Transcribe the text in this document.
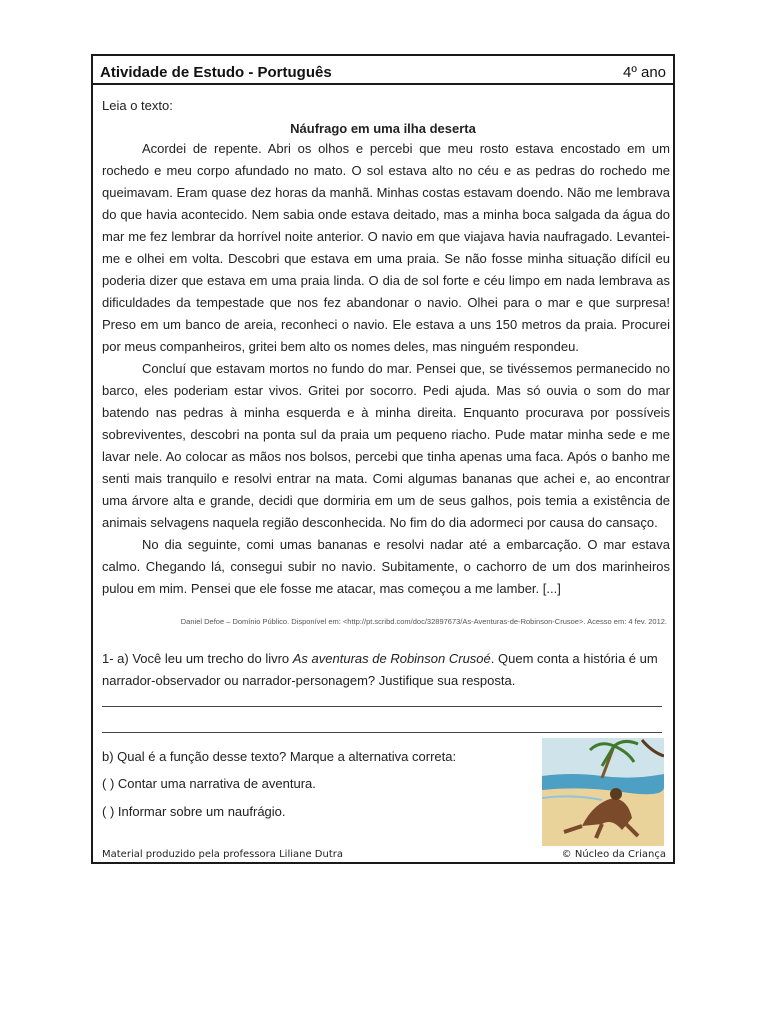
Atividade de Estudo - Português	4º ano
Leia o texto:
Náufrago em uma ilha deserta

Acordei de repente. Abri os olhos e percebi que meu rosto estava encostado em um rochedo e meu corpo afundado no mato. O sol estava alto no céu e as pedras do rochedo me queimavam. Eram quase dez horas da manhã. Minhas costas estavam doendo. Não me lembrava do que havia acontecido. Nem sabia onde estava deitado, mas a minha boca salgada da água do mar me fez lembrar da horrível noite anterior. O navio em que viajava havia naufragado. Levantei-me e olhei em volta. Descobri que estava em uma praia. Se não fosse minha situação difícil eu poderia dizer que estava em uma praia linda. O dia de sol forte e céu limpo em nada lembrava as dificuldades da tempestade que nos fez abandonar o navio. Olhei para o mar e que surpresa! Preso em um banco de areia, reconheci o navio. Ele estava a uns 150 metros da praia. Procurei por meus companheiros, gritei bem alto os nomes deles, mas ninguém respondeu.

Concluí que estavam mortos no fundo do mar. Pensei que, se tivéssemos permanecido no barco, eles poderiam estar vivos. Gritei por socorro. Pedi ajuda. Mas só ouvia o som do mar batendo nas pedras à minha esquerda e à minha direita. Enquanto procurava por possíveis sobreviventes, descobri na ponta sul da praia um pequeno riacho. Pude matar minha sede e me lavar nele. Ao colocar as mãos nos bolsos, percebi que tinha apenas uma faca. Após o banho me senti mais tranquilo e resolvi entrar na mata. Comi algumas bananas que achei e, ao encontrar uma árvore alta e grande, decidi que dormiria em um de seus galhos, pois temia a existência de animais selvagens naquela região desconhecida. No fim do dia adormeci por causa do cansaço.

No dia seguinte, comi umas bananas e resolvi nadar até a embarcação. O mar estava calmo. Chegando lá, consegui subir no navio. Subitamente, o cachorro de um dos marinheiros pulou em mim. Pensei que ele fosse me atacar, mas começou a me lamber. [...]

Daniel Defoe – Domínio Público. Disponível em: <http://pt.scribd.com/doc/32897673/As-Aventuras-de-Robinson-Crusoe>. Acesso em: 4 fev. 2012.
1- a) Você leu um trecho do livro As aventuras de Robinson Crusoé. Quem conta a história é um narrador-observador ou narrador-personagem? Justifique sua resposta.
b) Qual é a função desse texto? Marque a alternativa correta:
( ) Contar uma narrativa de aventura.
( ) Informar sobre um naufrágio.
Material produzido pela professora Liliane Dutra	© Núcleo da Criança
